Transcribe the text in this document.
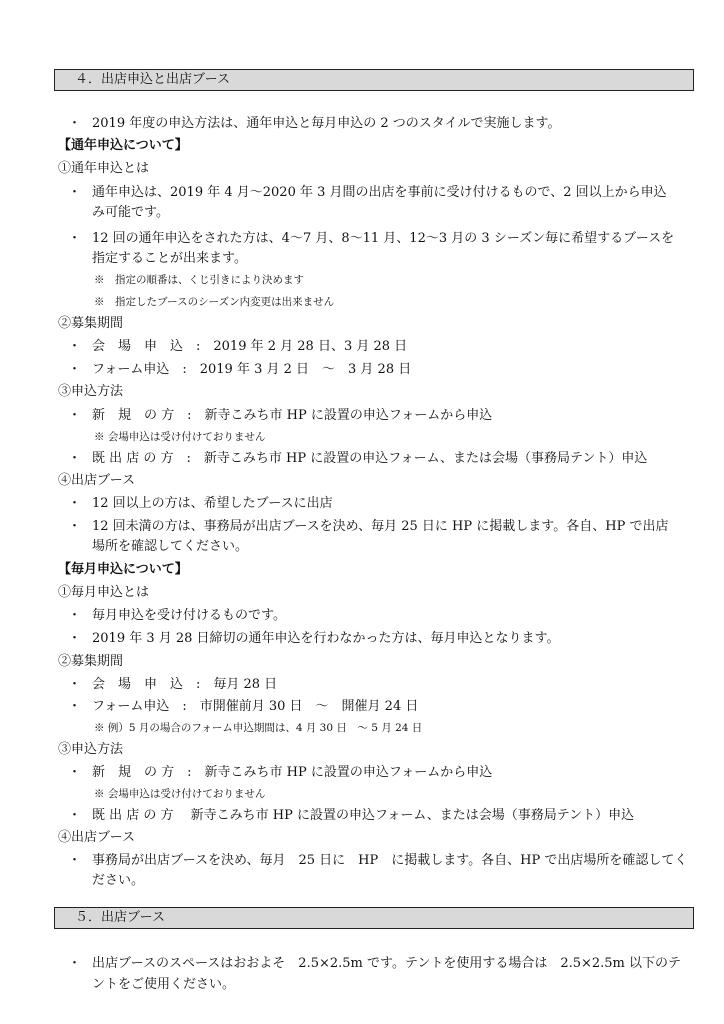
４．出店申込と出店ブース
・ 2019 年度の申込方法は、通年申込と毎月申込の 2 つのスタイルで実施します。
【通年申込について】
①通年申込とは
・ 通年申込は、2019 年 4 月～2020 年 3 月間の出店を事前に受け付けるもので、2 回以上から申込
み可能です。
・ 12 回の通年申込をされた方は、4～7 月、8～11 月、12～3 月の 3 シーズン毎に希望するブースを
指定することが出来ます。
※　指定の順番は、くじ引きにより決めます
※　指定したブースのシーズン内変更は出来ません
②募集期間
・ 会　場　申　込　:　2019 年 2 月 28 日、3 月 28 日
・ フォーム申込　:　2019 年 3 月 2 日　～　3 月 28 日
③申込方法
・ 新　規　の 方　:　新寺こみち市 HP に設置の申込フォームから申込
※ 会場申込は受け付けておりません
・ 既 出 店 の 方　:　新寺こみち市 HP に設置の申込フォーム、または会場（事務局テント）申込
④出店ブース
・ 12 回以上の方は、希望したブースに出店
・ 12 回未満の方は、事務局が出店ブースを決め、毎月 25 日に HP に掲載します。各自、HP で出店
場所を確認してください。
【毎月申込について】
①毎月申込とは
・ 毎月申込を受け付けるものです。
・ 2019 年 3 月 28 日締切の通年申込を行わなかった方は、毎月申込となります。
②募集期間
・ 会　場　申　込　:　毎月 28 日
・ フォーム申込　:　市開催前月 30 日　～　開催月 24 日
※ 例）5 月の場合のフォーム申込期間は、4 月 30 日　～ 5 月 24 日
③申込方法
・ 新　規　の 方　:　新寺こみち市 HP に設置の申込フォームから申込
※ 会場申込は受け付けておりません
・ 既 出 店 の 方　 新寺こみち市 HP に設置の申込フォーム、または会場（事務局テント）申込
④出店ブース
・ 事務局が出店ブースを決め、毎月　25 日に　HP　に掲載します。各自、HP で出店場所を確認してく
ださい。
５．出店ブース
・ 出店ブースのスペースはおおよそ　2.5×2.5m です。テントを使用する場合は　2.5×2.5m 以下のテ
ントをご使用ください。
